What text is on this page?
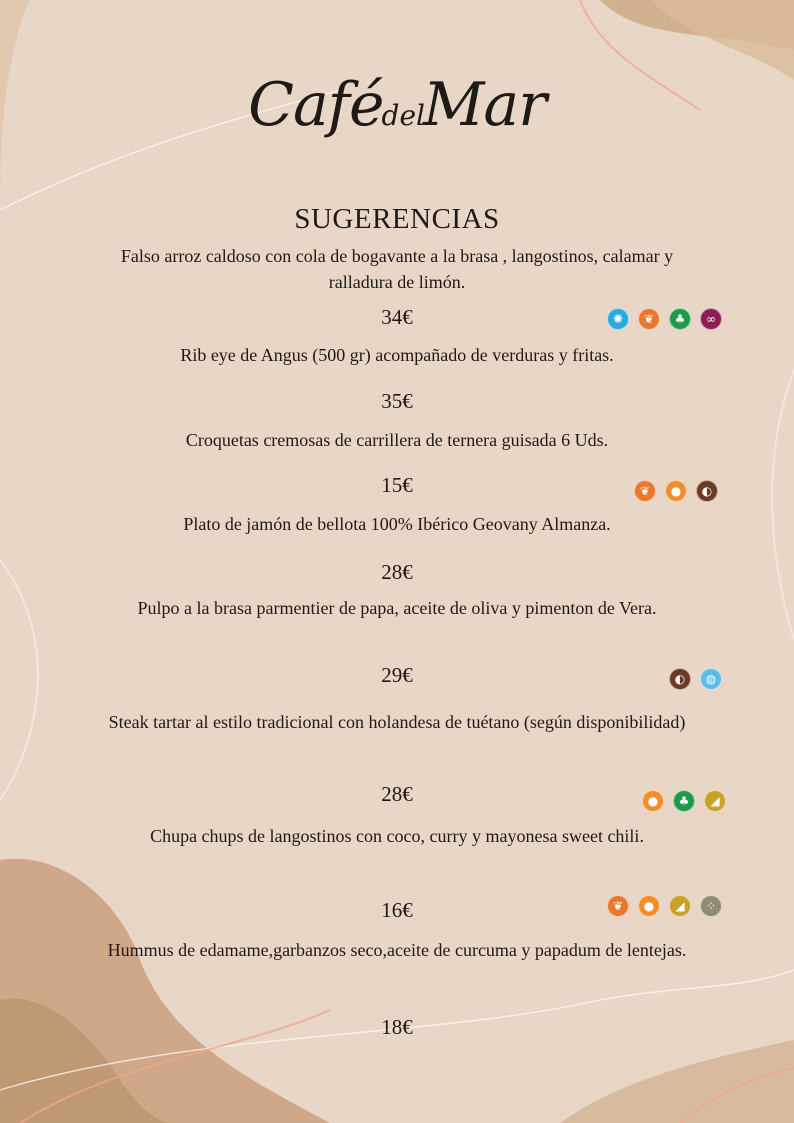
CafédelMar
SUGERENCIAS
Falso arroz caldoso con cola de bogavante a la brasa , langostinos, calamar y ralladura de limón.
34€	✺	❦	♣	∞
Rib eye de Angus (500 gr) acompañado de verduras y fritas.
35€
Croquetas cremosas de carrillera de ternera guisada 6 Uds.
15€	❦	●	◐
Plato de jamón de bellota 100% Ibérico Geovany Almanza.
28€
Pulpo a la brasa parmentier de papa, aceite de oliva y pimenton de Vera.
29€	◐	◍
Steak tartar al estilo tradicional con holandesa de tuétano (según disponibilidad)
28€	●	♣	◢
Chupa chups de langostinos con coco, curry y mayonesa sweet chili.
16€	❦	●	◢	⁘
Hummus de edamame,garbanzos seco,aceite de curcuma y papadum de lentejas.
18€
